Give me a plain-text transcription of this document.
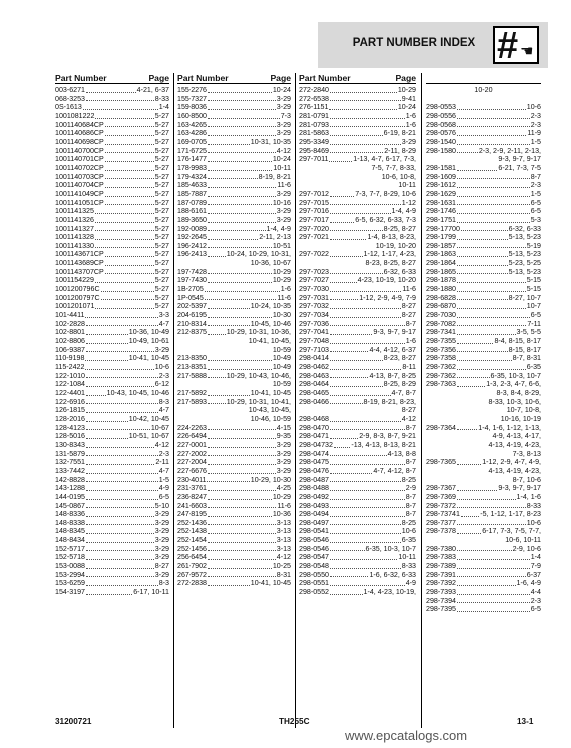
PART NUMBER INDEX # ☚
Part Number	Page
003-6271	4-21, 6-37
068-3253	8-33
0S-1613	1-4
1001081222	5-27
1001140684CP	5-27
1001140686CP	5-27
1001140698CP	5-27
1001140700CP	5-27
1001140701CP	5-27
1001140702CP	5-27
1001140703CP	5-27
1001140704CP	5-27
1001141049CP	5-27
1001141051CP	5-27
1001141325	5-27
1001141326	5-27
1001141327	5-27
1001141328	5-27
1001141330	5-27
1001143671CP	5-27
1001143689CP	5-27
1001143707CP	5-27
1001154229	5-27
1001200796C	5-27
1001200797C	5-27
1001201071	5-27
101-4411	3-3
102-2828	4-7
102-8801	10-36, 10-49
102-8806	10-49, 10-61
106-9387	3-29
110-9198	10-41, 10-45
115-2422	10-6
122-1010	2-3
122-1084	6-12
122-4401	10-43, 10-45, 10-46
122-6916	8-3
126-1815	4-7
128-2016	10-42, 10-45
128-4123	10-67
128-5016	10-51, 10-67
130-8343	4-12
131-5879	2-3
132-7551	2-11
133-7442	4-7
142-8828	1-5
143-1288	4-9
144-0195	6-5
145-0867	5-10
148-8336	3-29
148-8338	3-29
148-8345	3-29
148-8434	3-29
152-5717	3-29
152-5718	3-29
153-0088	8-27
153-2994	3-29
153-6259	8-3
154-3197	6-17, 10-11
Part Number	Page
155-2276	10-24
155-7327	3-29
159-8036	3-29
160-8500	7-3
163-4265	3-29
163-4286	3-29
169-0705	10-31, 10-35
171-6725	4-12
176-1477	10-24
178-9983	10-11
179-4324	8-19, 8-21
185-4633	11-6
185-7887	3-29
187-0789	10-16
188-6161	3-29
189-3650	3-29
192-0089	1-4, 4-9
192-2645	2-11, 2-13
196-2412	10-51
196-2413	10-24, 10-29, 10-31,
10-36, 10-67
197-7428	10-29
197-7430	10-29
1B-2705	1-6
1P-0545	11-6
202-5397	10-24, 10-35
204-6195	10-30
210-8314	10-45, 10-46
212-8375	10-29, 10-31, 10-36,
10-41, 10-45,
10-59
213-8350	10-49
213-8351	10-49
217-5888	10-29, 10-43, 10-46,
10-59
217-5892	10-41, 10-45
217-5893	10-29, 10-31, 10-41,
10-43, 10-45,
10-46, 10-59
224-2263	4-15
226-6494	9-35
227-0001	3-29
227-2002	3-29
227-2004	3-29
227-6676	3-29
230-4011	10-29, 10-30
231-3761	4-25
236-8247	10-29
241-6603	11-6
247-8195	10-36
252-1436	3-13
252-1438	3-13
252-1454	3-13
252-1456	3-13
256-6454	4-12
261-7902	10-25
267-9572	8-31
272-2838	10-41, 10-45
Part Number	Page
272-2840	10-29
272-6538	9-41
276-1151	10-24
281-0791	1-6
281-0793	1-6
281-5863	6-19, 8-21
295-3349	3-29
295-8469	2-11, 8-29
297-7011	1-13, 4-7, 6-17, 7-3,
7-5, 7-7, 8-33,
10-6, 10-8,
10-11
297-7012	7-3, 7-7, 8-29, 10-6
297-7015	1-12
297-7016	1-4, 4-9
297-7017	6-5, 6-32, 6-33, 7-3
297-7020	8-25, 8-27
297-7021	1-4, 8-13, 8-23,
10-19, 10-20
297-7022	1-12, 1-17, 4-23,
8-23, 8-25, 8-27
297-7023	6-32, 6-33
297-7027	4-23, 10-19, 10-20
297-7030	11-6
297-7031	1-12, 2-9, 4-9, 7-9
297-7032	8-27
297-7034	8-27
297-7036	8-7
297-7041	9-3, 9-7, 9-17
297-7048	1-6
297-7103	4-4, 4-12, 6-37
298-0414	8-23, 8-27
298-0462	8-11
298-0463	4-13, 8-7, 8-25
298-0464	8-25, 8-29
298-0465	4-7, 8-7
298-0466	8-19, 8-21, 8-23,
8-27
298-0468	4-12
298-0470	8-7
298-0471	2-9, 8-3, 8-7, 9-21
298-04732	-13, 4-13, 8-13, 8-21
298-0474	4-13, 8-8
298-0475	8-7
298-0476	4-7, 4-12, 8-7
298-0487	8-25
298-0488	2-9
298-0492	8-7
298-0493	8-7
298-0494	8-7
298-0497	8-25
298-0541	10-6
298-0546	6-35
298-0546	6-35, 10-3, 10-7
298-0547	10-11
298-0548	8-33
298-0550	1-6, 6-32, 6-33
298-0551	4-9
298-0552	1-4, 4-23, 10-19,
10-20

298-0553	10-6
298-0556	2-3
298-0568	2-3
298-0576	11-9
298-1540	1-5
298-1580	2-3, 2-9, 2-11, 2-13,
9-3, 9-7, 9-17
298-1581	6-21, 7-3, 7-5
298-1609	8-7
298-1612	2-3
298-1629	1-5
298-1631	6-5
298-1746	6-5
298-1751	5-3
298-17700	6-32, 6-33
298-1799	5-13, 5-23
298-1857	5-19
298-1863	5-13, 5-23
298-1864	5-23, 5-25
298-1865	5-13, 5-23
298-1878	5-15
298-1880	5-15
298-6828	8-27, 10-7
298-6870	10-7
298-7030	6-5
298-7082	7-11
298-7341	3-5, 5-5
298-7355	8-4, 8-15, 8-17
298-7356	8-15, 8-17
298-7358	8-7, 8-31
298-7362	6-35
298-7362	6-35, 10-3, 10-7
298-7363	1-3, 2-3, 4-7, 6-6,
8-3, 8-4, 8-29,
8-33, 10-3, 10-6,
10-7, 10-8,
10-16, 10-19
298-7364	1-4, 1-6, 1-12, 1-13,
4-9, 4-13, 4-17,
4-13, 4-19, 4-23,
7-3, 8-13
298-7365	1-12, 2-9, 4-7, 4-9,
4-13, 4-19, 4-23,
8-7, 10-6
298-7367	9-3, 9-7, 9-17
298-7369	1-4, 1-6
298-7372	8-33
298-73741	-5, 1-12, 1-17, 8-23
298-7377	10-6
298-7378	6-17, 7-3, 7-5, 7-7,
10-6, 10-11
298-7380	2-9, 10-6
298-7383	1-4
298-7389	7-9
298-7391	6-37
298-7392	1-6, 4-9
298-7393	4-4
298-7394	2-3
298-7395	6-5
31200721	TH255C	13-1
www.epcatalogs.com
